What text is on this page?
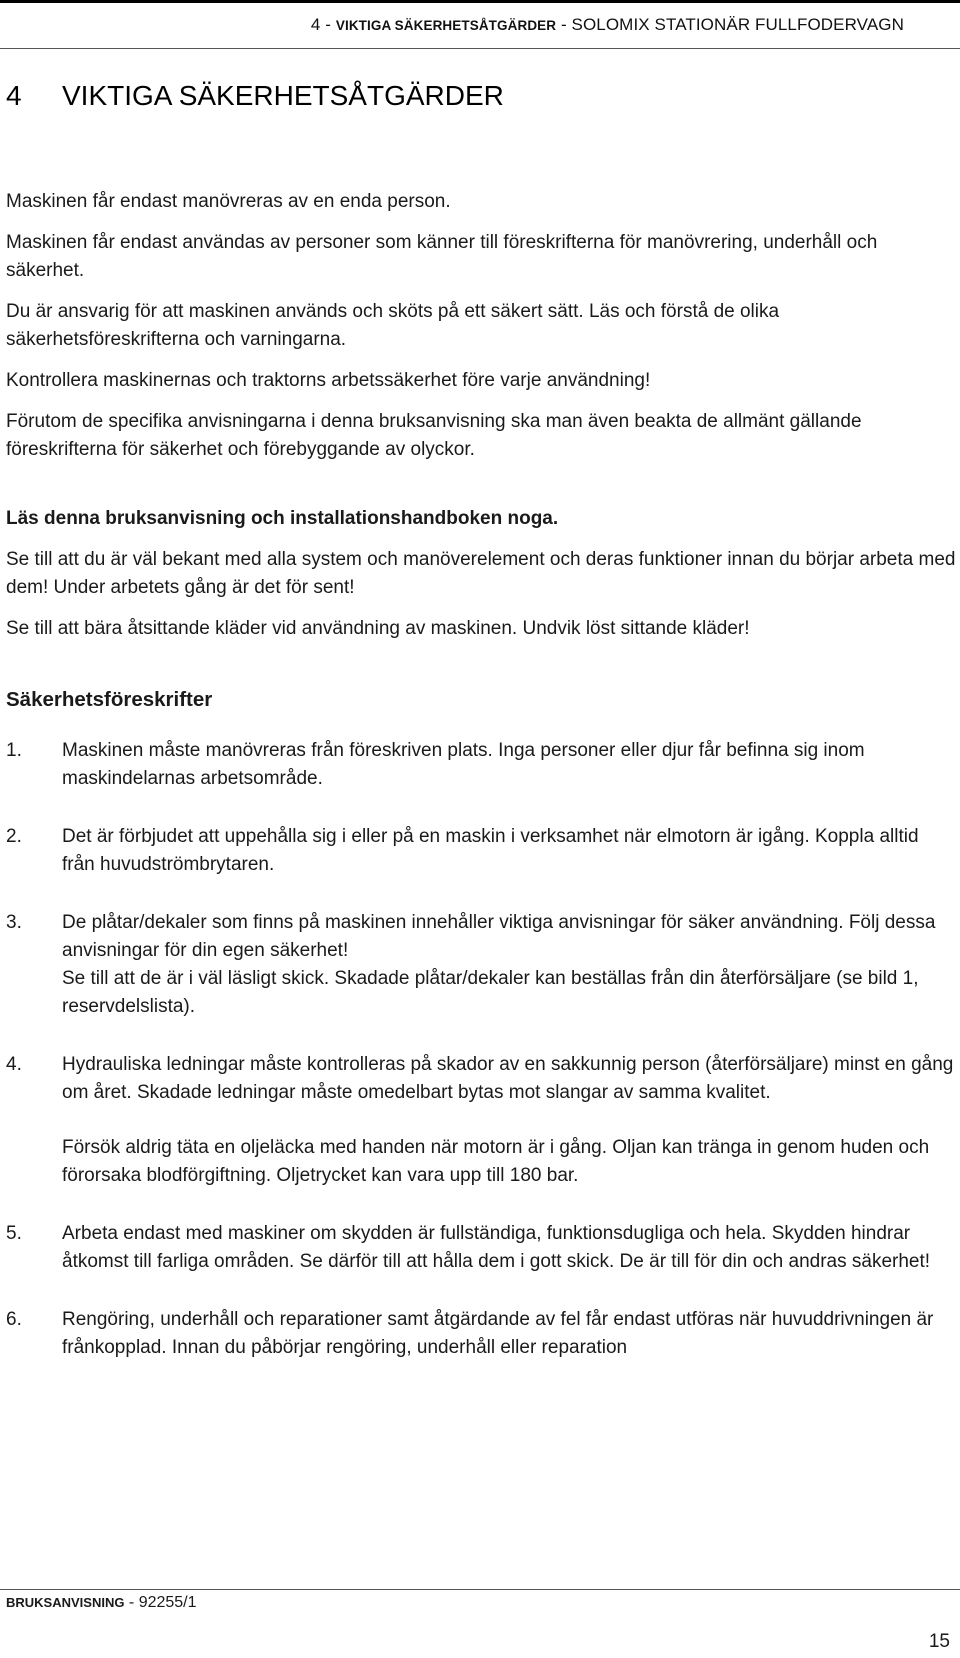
4 - VIKTIGA SÄKERHETSÅTGÄRDER - SOLOMIX STATIONÄR FULLFODERVAGN
4 VIKTIGA SÄKERHETSÅTGÄRDER

Maskinen får endast manövreras av en enda person.

Maskinen får endast användas av personer som känner till föreskrifterna för manövrering, underhåll och säkerhet.

Du är ansvarig för att maskinen används och sköts på ett säkert sätt. Läs och förstå de olika säkerhetsföreskrifterna och varningarna.

Kontrollera maskinernas och traktorns arbetssäkerhet före varje användning!

Förutom de specifika anvisningarna i denna bruksanvisning ska man även beakta de allmänt gällande föreskrifterna för säkerhet och förebyggande av olyckor.

Läs denna bruksanvisning och installationshandboken noga.

Se till att du är väl bekant med alla system och manöverelement och deras funktioner innan du börjar arbeta med dem! Under arbetets gång är det för sent!

Se till att bära åtsittande kläder vid användning av maskinen. Undvik löst sittande kläder!

Säkerhetsföreskrifter
1.	Maskinen måste manövreras från föreskriven plats. Inga personer eller djur får befinna sig inom maskindelarnas arbetsområde.
2.	Det är förbjudet att uppehålla sig i eller på en maskin i verksamhet när elmotorn är igång. Koppla alltid från huvudströmbrytaren.
3.	De plåtar/dekaler som finns på maskinen innehåller viktiga anvisningar för säker användning. Följ dessa anvisningar för din egen säkerhet!
Se till att de är i väl läsligt skick. Skadade plåtar/dekaler kan beställas från din återförsäljare (se bild 1, reservdelslista).
4.	Hydrauliska ledningar måste kontrolleras på skador av en sakkunnig person (återförsäljare) minst en gång om året. Skadade ledningar måste omedelbart bytas mot slangar av samma kvalitet.
Försök aldrig täta en oljeläcka med handen när motorn är i gång. Oljan kan tränga in genom huden och förorsaka blodförgiftning. Oljetrycket kan vara upp till 180 bar.
5.	Arbeta endast med maskiner om skydden är fullständiga, funktionsdugliga och hela. Skydden hindrar åtkomst till farliga områden. Se därför till att hålla dem i gott skick. De är till för din och andras säkerhet!
6.	Rengöring, underhåll och reparationer samt åtgärdande av fel får endast utföras när huvuddrivningen är frånkopplad. Innan du påbörjar rengöring, underhåll eller reparation
BRUKSANVISNING - 92255/1
15
